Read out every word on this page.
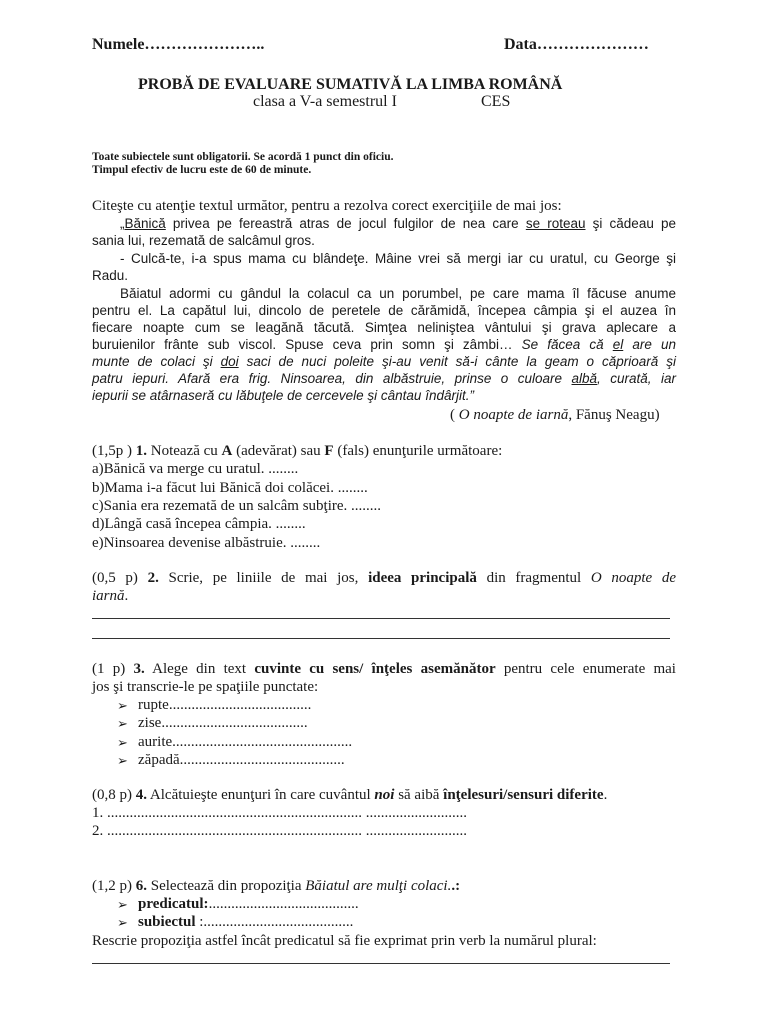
Numele…………………..	Data…………………
PROBĂ DE EVALUARE SUMATIVĂ LA LIMBA ROMÂNĂ
clasa a V-a semestrul I	CES
Toate subiectele sunt obligatorii. Se acordă 1 punct din oficiu.
Timpul efectiv de lucru este de 60 de minute.
Citeşte cu atenţie textul următor, pentru a rezolva corect exerciţiile de mai jos:
„Bănică privea pe fereastră atras de jocul fulgilor de nea care se roteau şi cădeau pe
sania lui, rezemată de salcâmul gros.
- Culcă-te, i-a spus mama cu blândeţe. Mâine vrei să mergi iar cu uratul, cu George şi
Radu.
Băiatul adormi cu gândul la colacul ca un porumbel, pe care mama îl făcuse anume
pentru el. La capătul lui, dincolo de peretele de cărămidă, începea câmpia şi el auzea în
fiecare noapte cum se leagănă tăcută. Simţea neliniştea vântului şi grava aplecare a
buruienilor frânte sub viscol. Spuse ceva prin somn şi zâmbi… Se făcea că el are un
munte de colaci şi doi saci de nuci poleite şi-au venit să-i cânte la geam o căprioară şi
patru iepuri. Afară era frig. Ninsoarea, din albăstruie, prinse o culoare albă, curată, iar
iepurii se atârnaseră cu lăbuţele de cercevele şi cântau îndârjit.”
( O noapte de iarnă, Fănuş Neagu)
(1,5p ) 1. Notează cu A (adevărat) sau F (fals) enunţurile următoare:
a)Bănică va merge cu uratul. ........
b)Mama i-a făcut lui Bănică doi colăcei. ........
c)Sania era rezemată de un salcâm subţire. ........
d)Lângă casă începea câmpia. ........
e)Ninsoarea devenise albăstruie. ........
(0,5 p) 2. Scrie, pe liniile de mai jos, ideea principală din fragmentul O noapte de
iarnă.
(1 p) 3. Alege din text cuvinte cu sens/ înţeles asemănător pentru cele enumerate mai
jos şi transcrie-le pe spaţiile punctate:
➢ rupte......................................
➢ zise.......................................
➢ aurite................................................
➢ zăpadă............................................
(0,8 p) 4. Alcătuieşte enunţuri în care cuvântul noi să aibă înţelesuri/sensuri diferite.
1. .................................................................... ...........................
2. .................................................................... ...........................
(1,2 p) 6. Selectează din propoziţia Băiatul are mulţi colaci..:
➢ predicatul:........................................
➢ subiectul :........................................
Rescrie propoziţia astfel încât predicatul să fie exprimat prin verb la numărul plural:
